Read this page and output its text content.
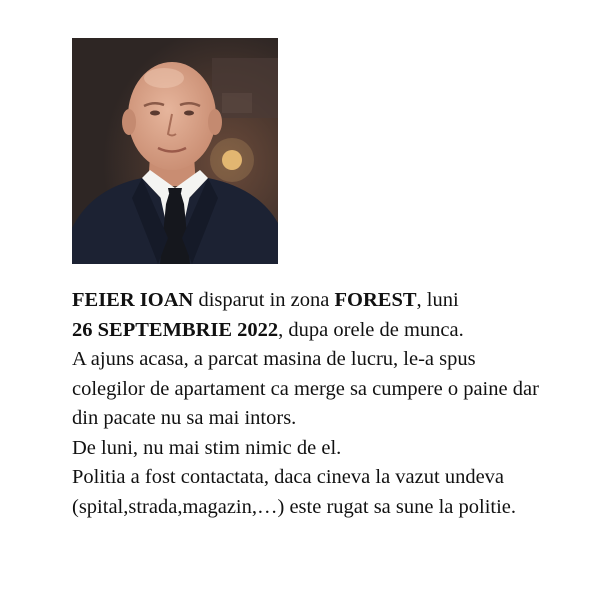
FEIER IOAN disparut in zona FOREST, luni
26 SEPTEMBRIE 2022, dupa orele de munca.

A ajuns acasa, a parcat masina de lucru, le-a spus colegilor de apartament ca merge sa cumpere o paine dar din pacate nu sa mai intors.

De luni, nu mai stim nimic de el.

Politia a fost contactata, daca cineva la vazut undeva (spital,strada,magazin,…) este rugat sa sune la politie.
